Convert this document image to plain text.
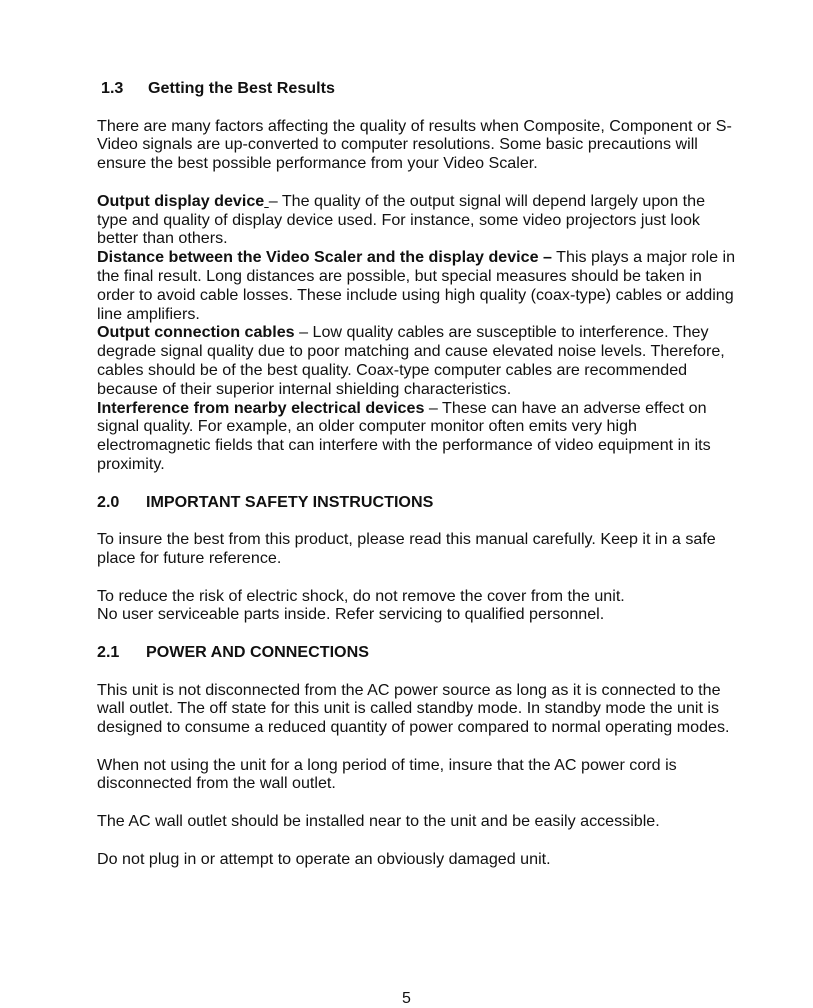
1.3 Getting the Best Results

There are many factors affecting the quality of results when Composite, Component or S-Video signals are up-converted to computer resolutions. Some basic precautions will ensure the best possible performance from your Video Scaler.

Output display device – The quality of the output signal will depend largely upon the type and quality of display device used. For instance, some video projectors just look better than others.

Distance between the Video Scaler and the display device – This plays a major role in the final result. Long distances are possible, but special measures should be taken in order to avoid cable losses. These include using high quality (coax-type) cables or adding line amplifiers.

Output connection cables – Low quality cables are susceptible to interference. They degrade signal quality due to poor matching and cause elevated noise levels. Therefore, cables should be of the best quality. Coax-type computer cables are recommended because of their superior internal shielding characteristics.

Interference from nearby electrical devices – These can have an adverse effect on signal quality. For example, an older computer monitor often emits very high electromagnetic fields that can interfere with the performance of video equipment in its proximity.

2.0 IMPORTANT SAFETY INSTRUCTIONS

To insure the best from this product, please read this manual carefully. Keep it in a safe place for future reference.

To reduce the risk of electric shock, do not remove the cover from the unit.
No user serviceable parts inside. Refer servicing to qualified personnel.

2.1 POWER AND CONNECTIONS

This unit is not disconnected from the AC power source as long as it is connected to the wall outlet. The off state for this unit is called standby mode. In standby mode the unit is designed to consume a reduced quantity of power compared to normal operating modes.

When not using the unit for a long period of time, insure that the AC power cord is disconnected from the wall outlet.

The AC wall outlet should be installed near to the unit and be easily accessible.

Do not plug in or attempt to operate an obviously damaged unit.

5
